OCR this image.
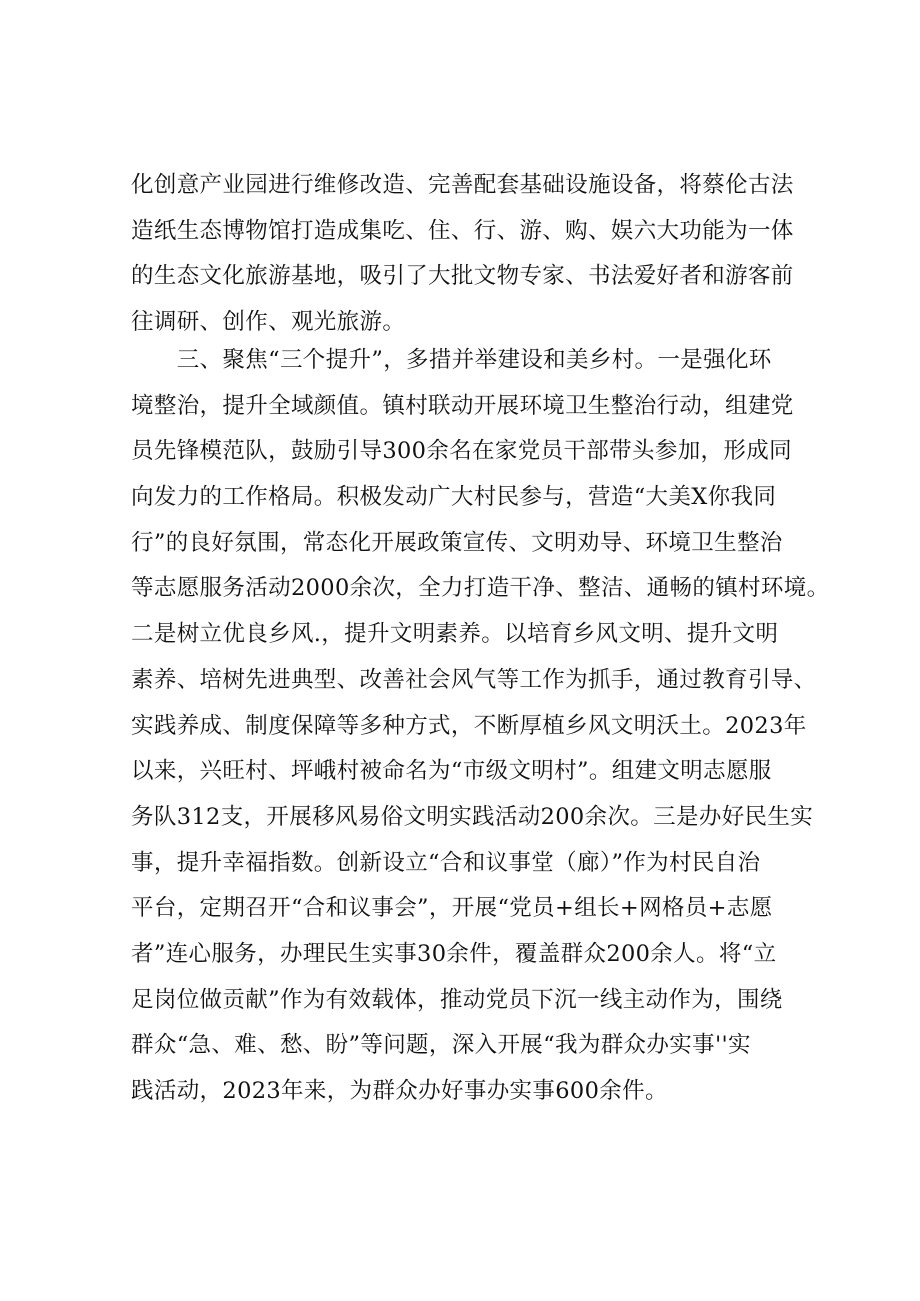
化创意产业园进行维修改造、完善配套基础设施设备，将蔡伦古法
造纸生态博物馆打造成集吃、住、行、游、购、娱六大功能为一体
的生态文化旅游基地，吸引了大批文物专家、书法爱好者和游客前
往调研、创作、观光旅游。
　　三、聚焦“三个提升”，多措并举建设和美乡村。一是强化环
境整治，提升全域颜值。镇村联动开展环境卫生整治行动，组建党
员先锋模范队，鼓励引导300余名在家党员干部带头参加，形成同
向发力的工作格局。积极发动广大村民参与，营造“大美X你我同
行”的良好氛围，常态化开展政策宣传、文明劝导、环境卫生整治
等志愿服务活动2000余次，全力打造干净、整洁、通畅的镇村环境。
二是树立优良乡风.，提升文明素养。以培育乡风文明、提升文明
素养、培树先进典型、改善社会风气等工作为抓手，通过教育引导、
实践养成、制度保障等多种方式，不断厚植乡风文明沃土。2023年
以来，兴旺村、坪峨村被命名为“市级文明村”。组建文明志愿服
务队312支，开展移风易俗文明实践活动200余次。三是办好民生实
事，提升幸福指数。创新设立“合和议事堂（廊）”作为村民自治
平台，定期召开“合和议事会”，开展“党员+组长+网格员+志愿
者”连心服务，办理民生实事30余件，覆盖群众200余人。将“立
足岗位做贡献”作为有效载体，推动党员下沉一线主动作为，围绕
群众“急、难、愁、盼”等问题，深入开展“我为群众办实事''实
践活动，2023年来，为群众办好事办实事600余件。
